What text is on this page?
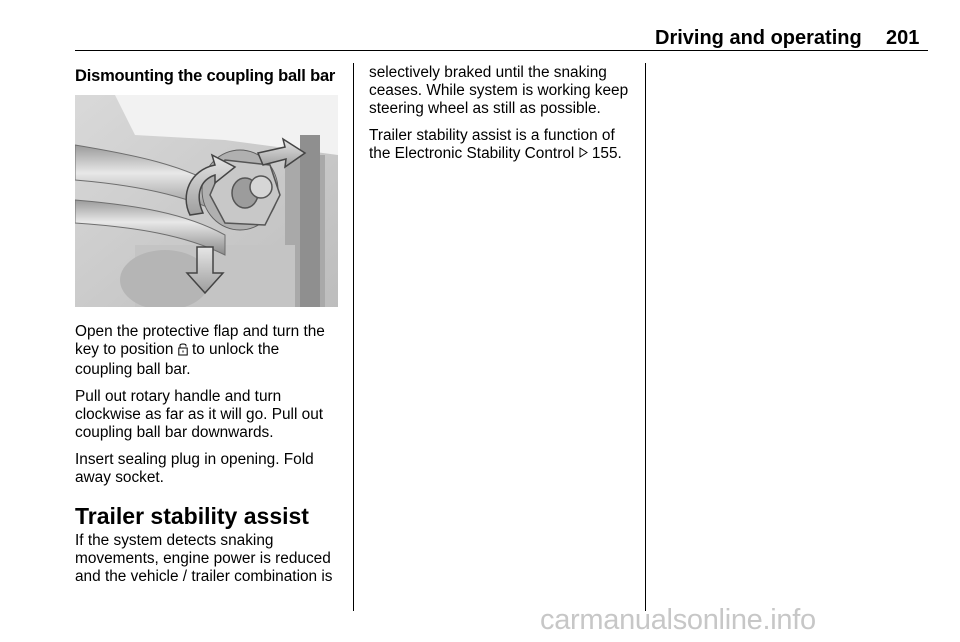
Driving and operating 201
Dismounting the coupling ball bar

Open the protective flap and turn the
key to position  to unlock the
coupling ball bar.

Pull out rotary handle and turn
clockwise as far as it will go. Pull out
coupling ball bar downwards.

Insert sealing plug in opening. Fold
away socket.

Trailer stability assist

If the system detects snaking
movements, engine power is reduced
and the vehicle / trailer combination is

selectively braked until the snaking
ceases. While system is working keep
steering wheel as still as possible.

Trailer stability assist is a function of
the Electronic Stability Control  155.

carmanualsonline.info
